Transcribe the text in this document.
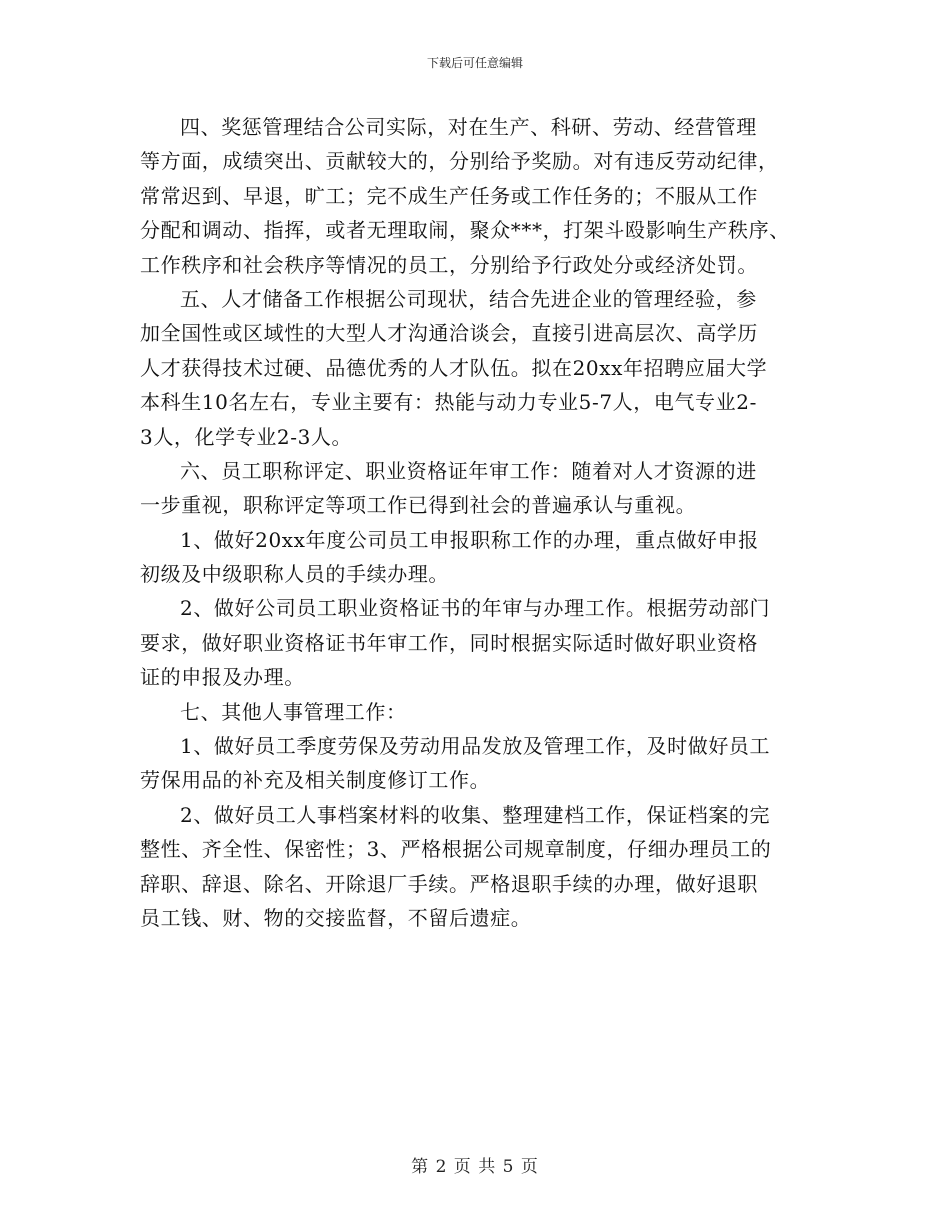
下载后可任意编辑
四、奖惩管理结合公司实际，对在生产、科研、劳动、经营管理
等方面，成绩突出、贡献较大的，分别给予奖励。对有违反劳动纪律，
常常迟到、早退，旷工；完不成生产任务或工作任务的；不服从工作
分配和调动、指挥，或者无理取闹，聚众***，打架斗殴影响生产秩序、
工作秩序和社会秩序等情况的员工，分别给予行政处分或经济处罚。
五、人才储备工作根据公司现状，结合先进企业的管理经验，参
加全国性或区域性的大型人才沟通洽谈会，直接引进高层次、高学历
人才获得技术过硬、品德优秀的人才队伍。拟在20xx年招聘应届大学
本科生10名左右，专业主要有：热能与动力专业5-7人，电气专业2-
3人，化学专业2-3人。
六、员工职称评定、职业资格证年审工作：随着对人才资源的进
一步重视，职称评定等项工作已得到社会的普遍承认与重视。
1、做好20xx年度公司员工申报职称工作的办理，重点做好申报
初级及中级职称人员的手续办理。
2、做好公司员工职业资格证书的年审与办理工作。根据劳动部门
要求，做好职业资格证书年审工作，同时根据实际适时做好职业资格
证的申报及办理。
七、其他人事管理工作：
1、做好员工季度劳保及劳动用品发放及管理工作，及时做好员工
劳保用品的补充及相关制度修订工作。
2、做好员工人事档案材料的收集、整理建档工作，保证档案的完
整性、齐全性、保密性；3、严格根据公司规章制度，仔细办理员工的
辞职、辞退、除名、开除退厂手续。严格退职手续的办理，做好退职
员工钱、财、物的交接监督，不留后遗症。
第 2 页 共 5 页
